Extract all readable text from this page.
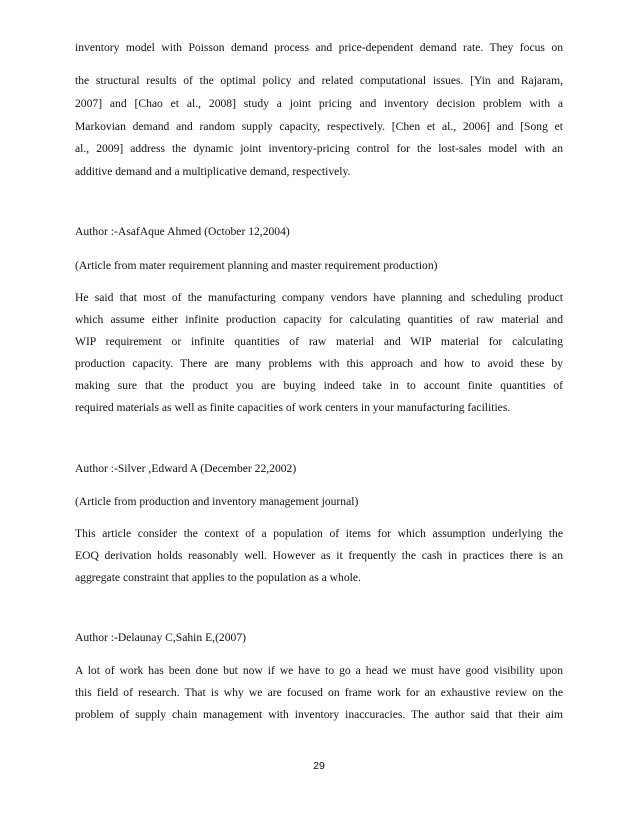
inventory model with Poisson demand process and price-dependent demand rate. They focus on
the structural results of the optimal policy and related computational issues. [Yin and Rajaram,
2007] and [Chao et al., 2008] study a joint pricing and inventory decision problem with a
Markovian demand and random supply capacity, respectively. [Chen et al., 2006] and [Song et
al., 2009] address the dynamic joint inventory-pricing control for the lost-sales model with an
additive demand and a multiplicative demand, respectively.
Author :-AsafAque Ahmed (October 12,2004)
(Article from mater requirement planning and master requirement production)
He said that most of the manufacturing company vendors have planning and scheduling product
which assume either infinite production capacity for calculating quantities of raw material and
WIP requirement or infinite quantities of raw material and WIP material for calculating
production capacity. There are many problems with this approach and how to avoid these by
making sure that the product you are buying indeed take in to account finite quantities of
required materials as well as finite capacities of work centers in your manufacturing facilities.
Author :-Silver ,Edward A (December 22,2002)
(Article from production and inventory management journal)
This article consider the context of a population of items for which assumption underlying the
EOQ derivation holds reasonably well. However as it frequently the cash in practices there is an
aggregate constraint that applies to the population as a whole.
Author :-Delaunay C,Sahin E,(2007)
A lot of work has been done but now if we have to go a head we must have good visibility upon
this field of research. That is why we are focused on frame work for an exhaustive review on the
problem of supply chain management with inventory inaccuracies. The author said that their aim
29
